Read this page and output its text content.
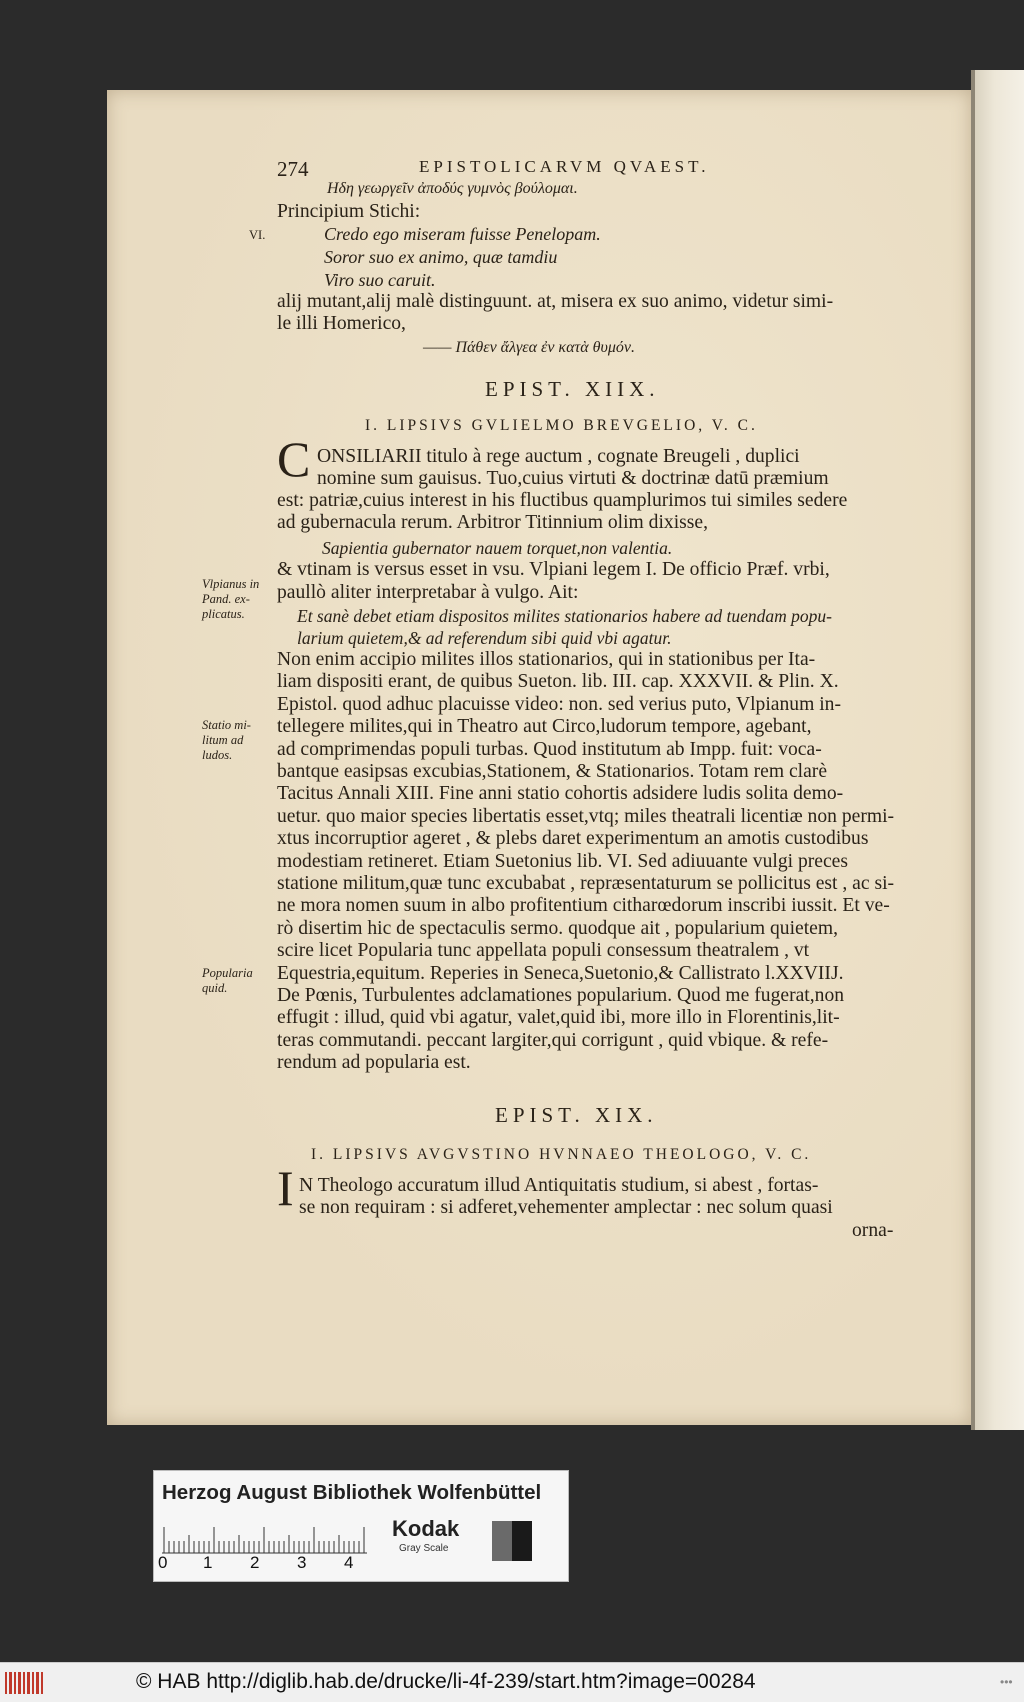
274	EPISTOLICARVM QVAEST.
Ηδη γεωργεῖν ἀποδύς γυμνὸς βούλομαι.
Principium Stichi:
VI.	Credo ego miseram fuisse Penelopam.
Soror suo ex animo, quæ tamdiu
Viro suo caruit.
alij mutant,alij malè distinguunt. at, misera ex suo animo, videtur simi-
le illi Homerico,
—— Πάθεν ἄλγεα ἐν κατὰ θυμόν.
EPIST. XIIX.
I. LIPSIVS GVLIELMO BREVGELIO, V. C.
C ONSILIARII titulo à rege auctum , cognate Breugeli , duplici
nomine sum gauisus. Tuo,cuius virtuti & doctrinæ datū præmium
est: patriæ,cuius interest in his fluctibus quamplurimos tui similes sedere
ad gubernacula rerum. Arbitror Titinnium olim dixisse,
Sapientia gubernator nauem torquet,non valentia.
Vlpianus in
Pand. ex-
plicatus.
& vtinam is versus esset in vsu. Vlpiani legem I. De officio Præf. vrbi,
paullò aliter interpretabar à vulgo. Ait:
Et sanè debet etiam dispositos milites stationarios habere ad tuendam popu-
larium quietem,& ad referendum sibi quid vbi agatur.
Non enim accipio milites illos stationarios, qui in stationibus per Ita-
liam dispositi erant, de quibus Sueton. lib. III. cap. XXXVII. & Plin. X.
Epistol. quod adhuc placuisse video: non. sed verius puto, Vlpianum in-
tellegere milites,qui in Theatro aut Circo,ludorum tempore, agebant,
ad comprimendas populi turbas. Quod institutum ab Impp. fuit: voca-
bantque easipsas excubias,Stationem, & Stationarios. Totam rem clarè
Tacitus Annali XIII. Fine anni statio cohortis adsidere ludis solita demo-
uetur. quo maior species libertatis esset,vtq; miles theatrali licentiæ non permi-
xtus incorruptior ageret , & plebs daret experimentum an amotis custodibus
modestiam retineret. Etiam Suetonius lib. VI. Sed adiuuante vulgi preces
statione militum,quæ tunc excubabat , repræsentaturum se pollicitus est , ac si-
ne mora nomen suum in albo profitentium citharœdorum inscribi iussit. Et ve-
rò disertim hic de spectaculis sermo. quodque ait , popularium quietem,
scire licet Popularia tunc appellata populi consessum theatralem , vt
Equestria,equitum. Reperies in Seneca,Suetonio,& Callistrato l.XXVIIJ.
De Pœnis, Turbulentes adclamationes popularium. Quod me fugerat,non
effugit : illud, quid vbi agatur, valet,quid ibi, more illo in Florentinis,lit-
teras commutandi. peccant largiter,qui corrigunt , quid vbique. & refe-
rendum ad popularia est.
Statio mi-
litum ad
ludos.
Popularia
quid.
EPIST. XIX.
I. LIPSIVS AVGVSTINO HVNNAEO THEOLOGO, V. C.
I N Theologo accuratum illud Antiquitatis studium, si abest , fortas-
se non requiram : si adferet,vehementer amplectar : nec solum quasi
orna-
Herzog August Bibliothek Wolfenbüttel
0 1 2 3 4
Kodak
Gray Scale
© HAB http://diglib.hab.de/drucke/li-4f-239/start.htm?image=00284	•••
